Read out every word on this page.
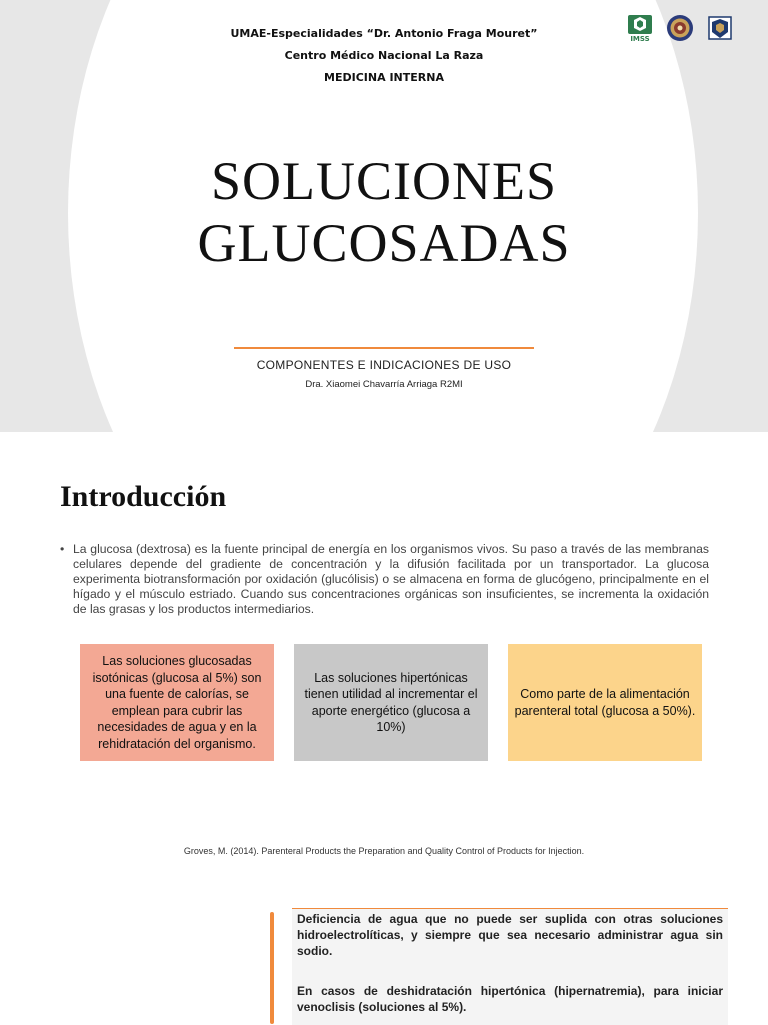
UMAE-Especialidades “Dr. Antonio Fraga Mouret”
Centro Médico Nacional La Raza
MEDICINA INTERNA
IMSS
SOLUCIONES
GLUCOSADAS
COMPONENTES E INDICACIONES DE USO
Dra. Xiaomei Chavarría Arriaga R2MI
Introducción
• La glucosa (dextrosa) es la fuente principal de energía en los organismos vivos. Su paso a través de las membranas celulares depende del gradiente de concentración y la difusión facilitada por un transportador. La glucosa experimenta biotransformación por oxidación (glucólisis) o se almacena en forma de glucógeno, principalmente en el hígado y el músculo estriado. Cuando sus concentraciones orgánicas son insuficientes, se incrementa la oxidación de las grasas y los productos intermediarios.
Las soluciones glucosadas isotónicas (glucosa al 5%) son una fuente de calorías, se emplean para cubrir las necesidades de agua y en la rehidratación del organismo.
Las soluciones hipertónicas tienen utilidad al incrementar el aporte energético (glucosa a 10%)
Como parte de la alimentación parenteral total (glucosa a 50%).
Groves, M. (2014). Parenteral Products the Preparation and Quality Control of Products for Injection.
Deficiencia de agua que no puede ser suplida con otras soluciones hidroelectrolíticas, y siempre que sea necesario administrar agua sin sodio.
En casos de deshidratación hipertónica (hipernatremia), para iniciar venoclisis (soluciones al 5%).
